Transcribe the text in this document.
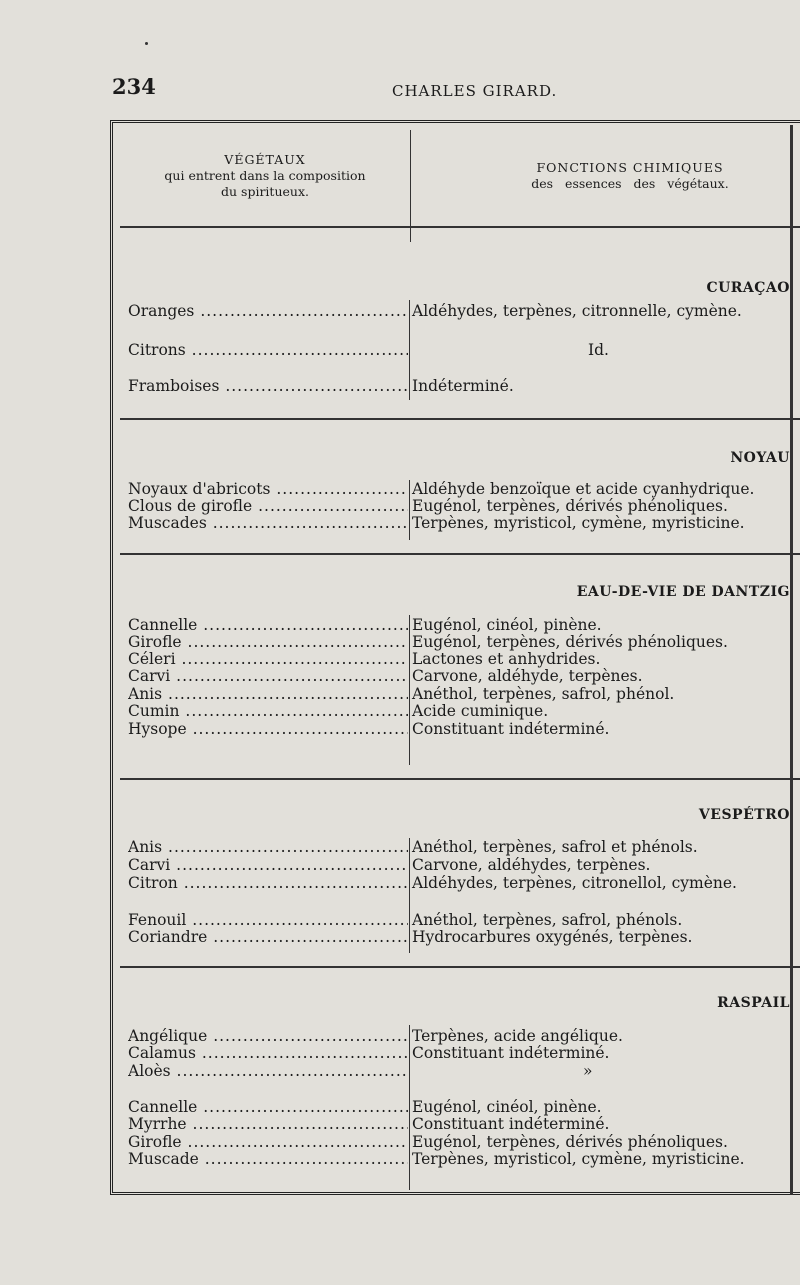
234	CHARLES GIRARD.
VÉGÉTAUX
qui entrent dans la composition
du spiritueux.
FONCTIONS CHIMIQUES
des essences des végétaux.
CURAÇAO
Oranges .....	Aldéhydes, terpènes, citronnelle, cymène.
Citrons .....	Id.
Framboises .....	Indéterminé.
NOYAU
Noyaux d'abricots .....	Aldéhyde benzoïque et acide cyanhydrique.
Clous de girofle .....	Eugénol, terpènes, dérivés phénoliques.
Muscades .....	Terpènes, myristicol, cymène, myristicine.
EAU-DE-VIE DE DANTZIG
Cannelle .....	Eugénol, cinéol, pinène.
Girofle .....	Eugénol, terpènes, dérivés phénoliques.
Céleri .....	Lactones et anhydrides.
Carvi .....	Carvone, aldéhyde, terpènes.
Anis .....	Anéthol, terpènes, safrol, phénol.
Cumin .....	Acide cuminique.
Hysope .....	Constituant indéterminé.
VESPÉTRO
Anis .....	Anéthol, terpènes, safrol et phénols.
Carvi .....	Carvone, aldéhydes, terpènes.
Citron .....	Aldéhydes, terpènes, citronellol, cymène.
Fenouil .....	Anéthol, terpènes, safrol, phénols.
Coriandre .....	Hydrocarbures oxygénés, terpènes.
RASPAIL
Angélique .....	Terpènes, acide angélique.
Calamus .....	Constituant indéterminé.
Aloès .....	»
Cannelle .....	Eugénol, cinéol, pinène.
Myrrhe .....	Constituant indéterminé.
Girofle .....	Eugénol, terpènes, dérivés phénoliques.
Muscade .....	Terpènes, myristicol, cymène, myristicine.
